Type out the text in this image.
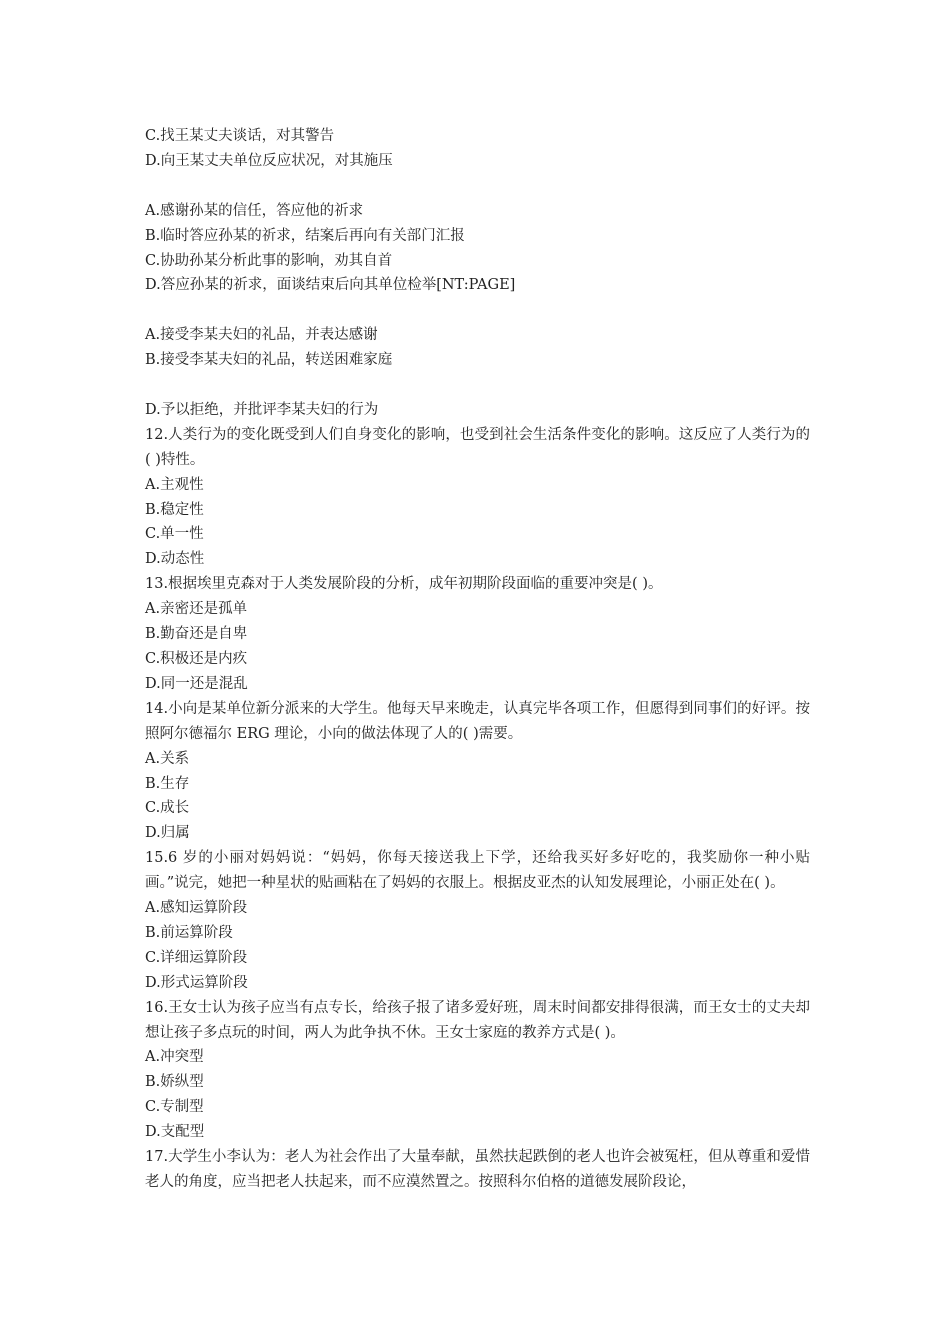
C.找王某丈夫谈话，对其警告
D.向王某丈夫单位反应状况，对其施压
A.感谢孙某的信任，答应他的祈求
B.临时答应孙某的祈求，结案后再向有关部门汇报
C.协助孙某分析此事的影响，劝其自首
D.答应孙某的祈求，面谈结束后向其单位检举[NT:PAGE]
A.接受李某夫妇的礼品，并表达感谢
B.接受李某夫妇的礼品，转送困难家庭
D.予以拒绝，并批评李某夫妇的行为
12.人类行为的变化既受到人们自身变化的影响，也受到社会生活条件变化的影响。这反应了人类行为的( )特性。
A.主观性
B.稳定性
C.单一性
D.动态性
13.根据埃里克森对于人类发展阶段的分析，成年初期阶段面临的重要冲突是( )。
A.亲密还是孤单
B.勤奋还是自卑
C.积极还是内疚
D.同一还是混乱
14.小向是某单位新分派来的大学生。他每天早来晚走，认真完毕各项工作，但愿得到同事们的好评。按照阿尔德福尔 ERG 理论，小向的做法体现了人的( )需要。
A.关系
B.生存
C.成长
D.归属
15.6 岁的小丽对妈妈说：“妈妈，你每天接送我上下学，还给我买好多好吃的，我奖励你一种小贴画。”说完，她把一种星状的贴画粘在了妈妈的衣服上。根据皮亚杰的认知发展理论，小丽正处在( )。
A.感知运算阶段
B.前运算阶段
C.详细运算阶段
D.形式运算阶段
16.王女士认为孩子应当有点专长，给孩子报了诸多爱好班，周末时间都安排得很满，而王女士的丈夫却想让孩子多点玩的时间，两人为此争执不休。王女士家庭的教养方式是( )。
A.冲突型
B.娇纵型
C.专制型
D.支配型
17.大学生小李认为：老人为社会作出了大量奉献，虽然扶起跌倒的老人也许会被冤枉，但从尊重和爱惜老人的角度，应当把老人扶起来，而不应漠然置之。按照科尔伯格的道德发展阶段论，
